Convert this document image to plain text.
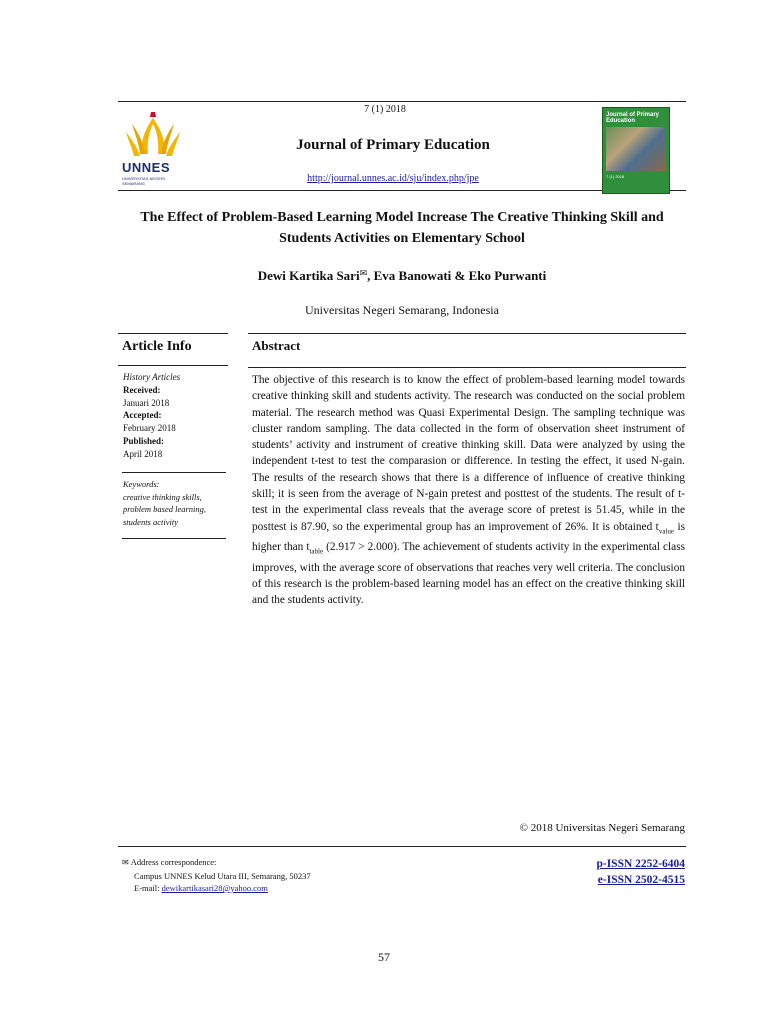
UNNES
UNIVERSITAS NEGERI SEMARANG
7 (1) 2018
Journal of Primary Education
http://journal.unnes.ac.id/sju/index.php/jpe
Journal of Primary Education
7 (1) 2018
The Effect of Problem-Based Learning Model Increase The Creative Thinking Skill and Students Activities on Elementary School
Dewi Kartika Sari✉, Eva Banowati & Eko Purwanti
Universitas Negeri Semarang, Indonesia
Article Info
History Articles
Received:
Januari 2018
Accepted:
February 2018
Published:
April 2018
Keywords:
creative thinking skills,
problem based learning,
students activity
Abstract
The objective of this research is to know the effect of problem-based learning model towards creative thinking skill and students activity. The research was conducted on the social problem material. The research method was Quasi Experimental Design. The sampling technique was cluster random sampling. The data collected in the form of observation sheet instrument of students’ activity and instrument of creative thinking skill. Data were analyzed by using the independent t-test to test the comparasion or difference. In testing the effect, it used N-gain. The results of the research shows that there is a difference of influence of creative thinking skill; it is seen from the average of N-gain pretest and posttest of the students. The result of t-test in the experimental class reveals that the average score of pretest is 51.45, while in the posttest is 87.90, so the experimental group has an improvement of 26%. It is obtained $t_{value}$ is higher than $t_{table}$ (2.917 > 2.000). The achievement of students activity in the experimental class improves, with the average score of observations that reaches very well criteria. The conclusion of this research is the problem-based learning model has an effect on the creative thinking skill and the students activity.
© 2018 Universitas Negeri Semarang
✉ Address correspondence:
Campus UNNES Kelud Utara III, Semarang, 50237
E-mail: dewikartikasari28@yahoo.com
p-ISSN 2252-6404
e-ISSN 2502-4515
57
